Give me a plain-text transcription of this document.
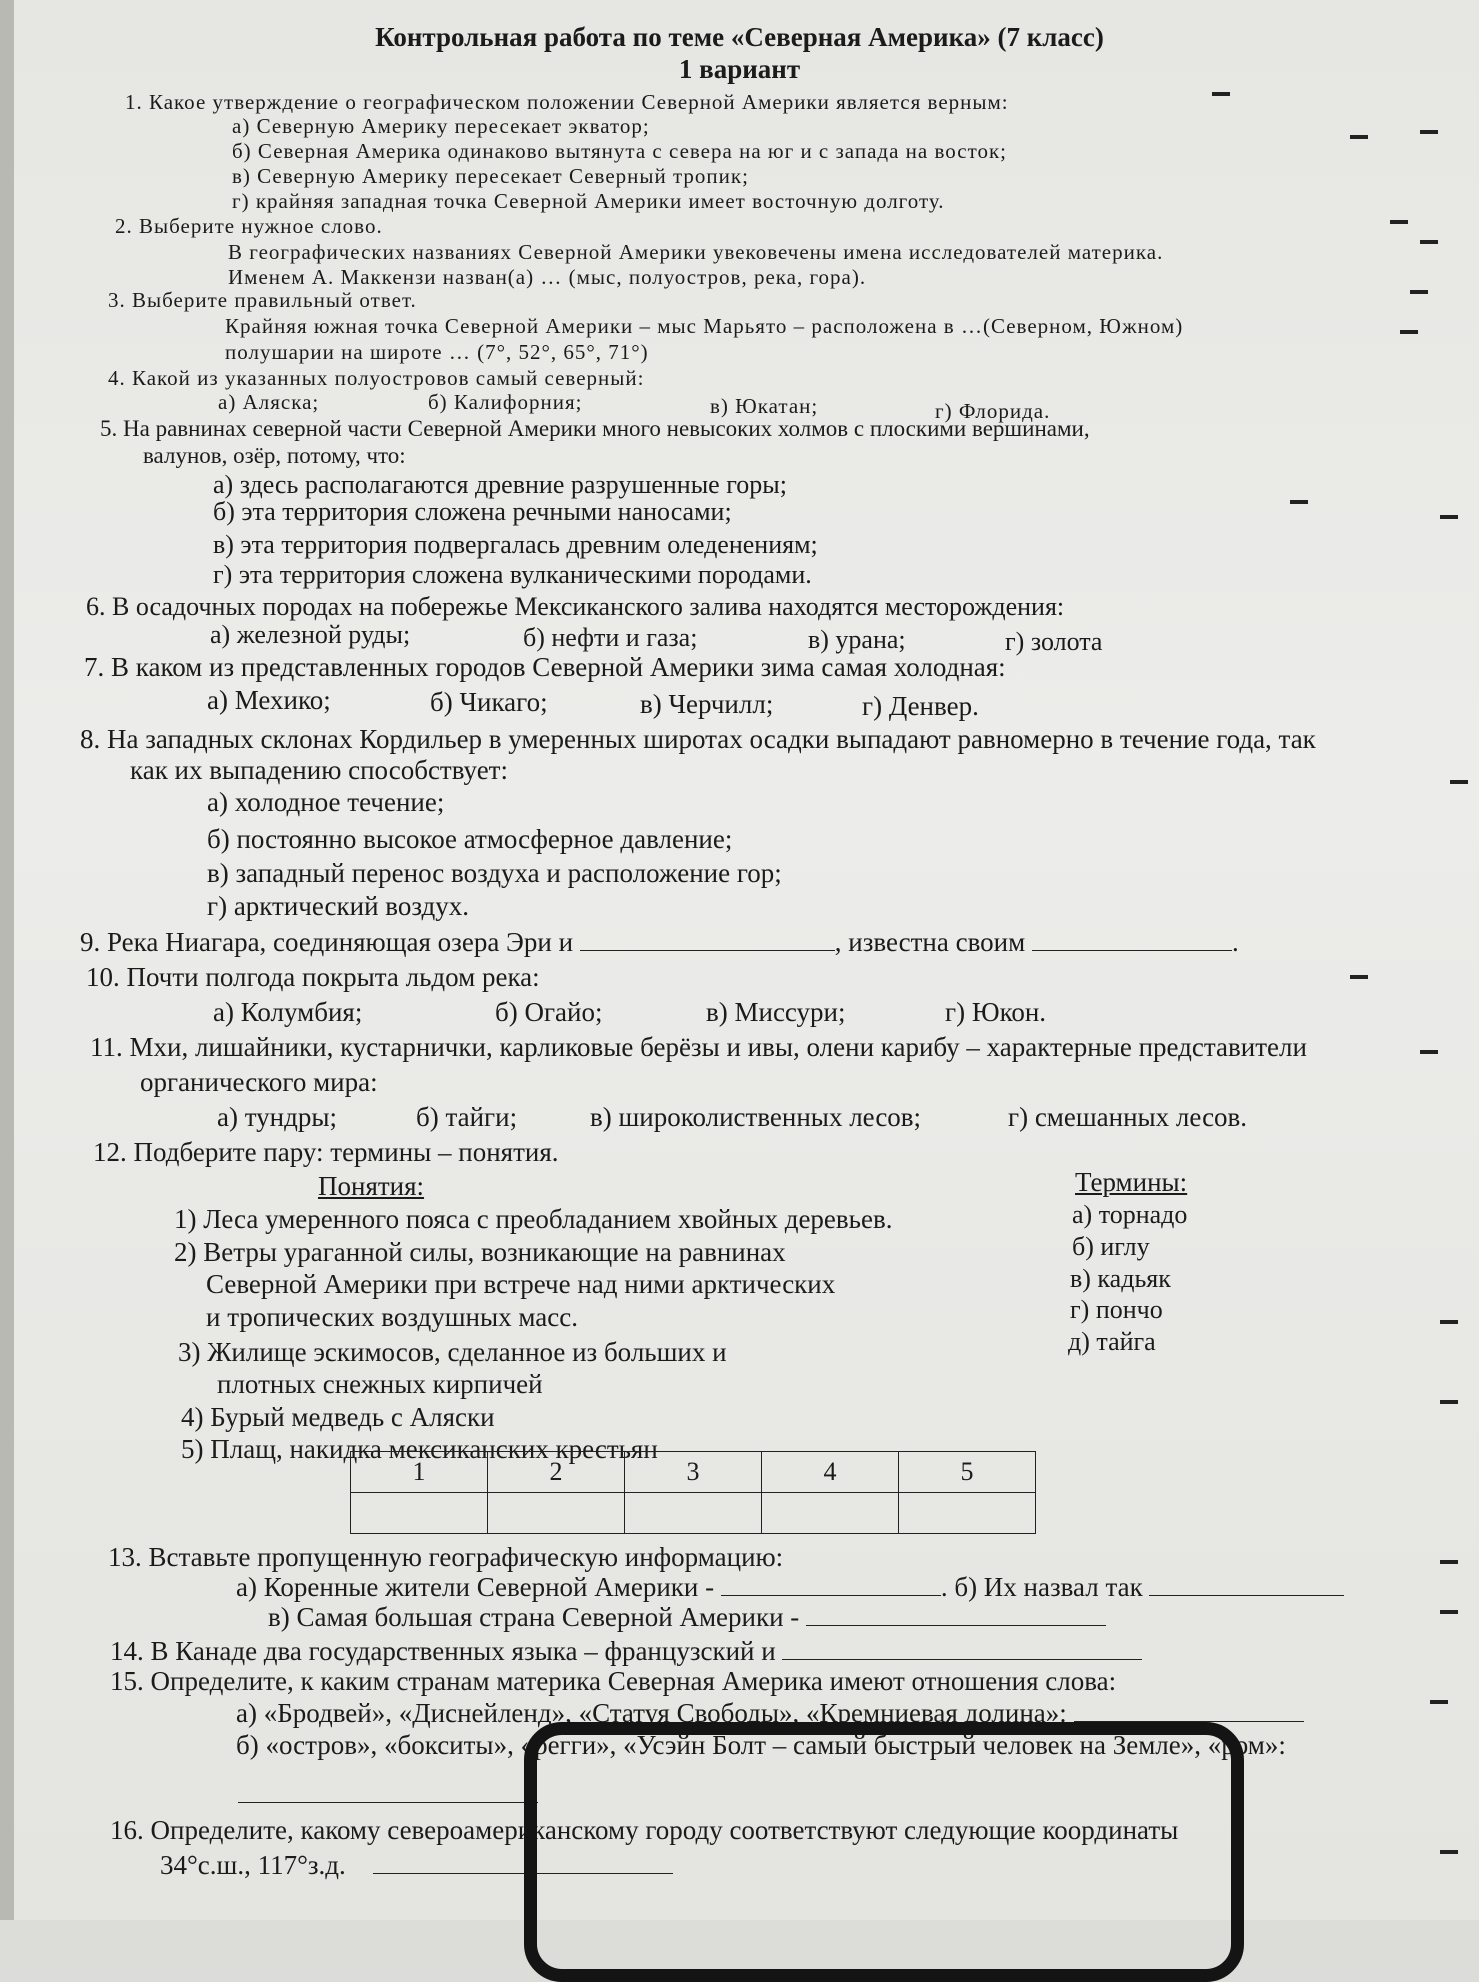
Контрольная работа по теме «Северная Америка» (7 класс)
1 вариант
1. Какое утверждение о географическом положении Северной Америки является верным:
а) Северную Америку пересекает экватор;
б) Северная Америка одинаково вытянута с севера на юг и с запада на восток;
в) Северную Америку пересекает Северный тропик;
г) крайняя западная точка Северной Америки имеет восточную долготу.
2. Выберите нужное слово.
В географических названиях Северной Америки увековечены имена исследователей материка.
Именем А. Маккензи назван(а) … (мыс, полуостров, река, гора).
3. Выберите правильный ответ.
Крайняя южная точка Северной Америки – мыс Марьято – расположена в …(Северном, Южном)
полушарии на широте … (7°, 52°, 65°, 71°)
4. Какой из указанных полуостровов самый северный:
а) Аляска;	б) Калифорния;	в) Юкатан;	г) Флорида.
5. На равнинах северной части Северной Америки много невысоких холмов с плоскими вершинами,
валунов, озёр, потому, что:
а) здесь располагаются древние разрушенные горы;
б) эта территория сложена речными наносами;
в) эта территория подвергалась древним оледенениям;
г) эта территория сложена вулканическими породами.
6. В осадочных породах на побережье Мексиканского залива находятся месторождения:
а) железной руды;	б) нефти и газа;	в) урана;	г) золота
7. В каком из представленных городов Северной Америки зима самая холодная:
а) Мехико;	б) Чикаго;	в) Черчилл;	г) Денвер.
8. На западных склонах Кордильер в умеренных широтах осадки выпадают равномерно в течение года, так
как их выпадению способствует:
а) холодное течение;
б) постоянно высокое атмосферное давление;
в) западный перенос воздуха и расположение гор;
г) арктический воздух.
9. Река Ниагара, соединяющая озера Эри и	, известна своим	.
10. Почти полгода покрыта льдом река:
а) Колумбия;	б) Огайо;	в) Миссури;	г) Юкон.
11. Мхи, лишайники, кустарнички, карликовые берёзы и ивы, олени карибу – характерные представители
органического мира:
а) тундры;	б) тайги;	в) широколиственных лесов;	г) смешанных лесов.
12. Подберите пару: термины – понятия.
Понятия:	Термины:
1) Леса умеренного пояса с преобладанием хвойных деревьев.
2) Ветры ураганной силы, возникающие на равнинах
Северной Америки при встрече над ними арктических
и тропических воздушных масс.
3) Жилище эскимосов, сделанное из больших и
плотных снежных кирпичей
4) Бурый медведь с Аляски
5) Плащ, накидка мексиканских крестьян
а) торнадо
б) иглу
в) кадьяк
г) пончо
д) тайга
1	2	3	4	5

13. Вставьте пропущенную географическую информацию:
а) Коренные жители Северной Америки -	. б) Их назвал так
в) Самая большая страна Северной Америки -
14. В Канаде два государственных языка – французский и
15. Определите, к каким странам материка Северная Америка имеют отношения слова:
а) «Бродвей», «Диснейленд», «Статуя Свободы», «Кремниевая долина»:
б) «остров», «бокситы», «регги», «Усэйн Болт – самый быстрый человек на Земле», «ром»:
16. Определите, какому североамериканскому городу соответствуют следующие координаты
34°с.ш., 117°з.д.
